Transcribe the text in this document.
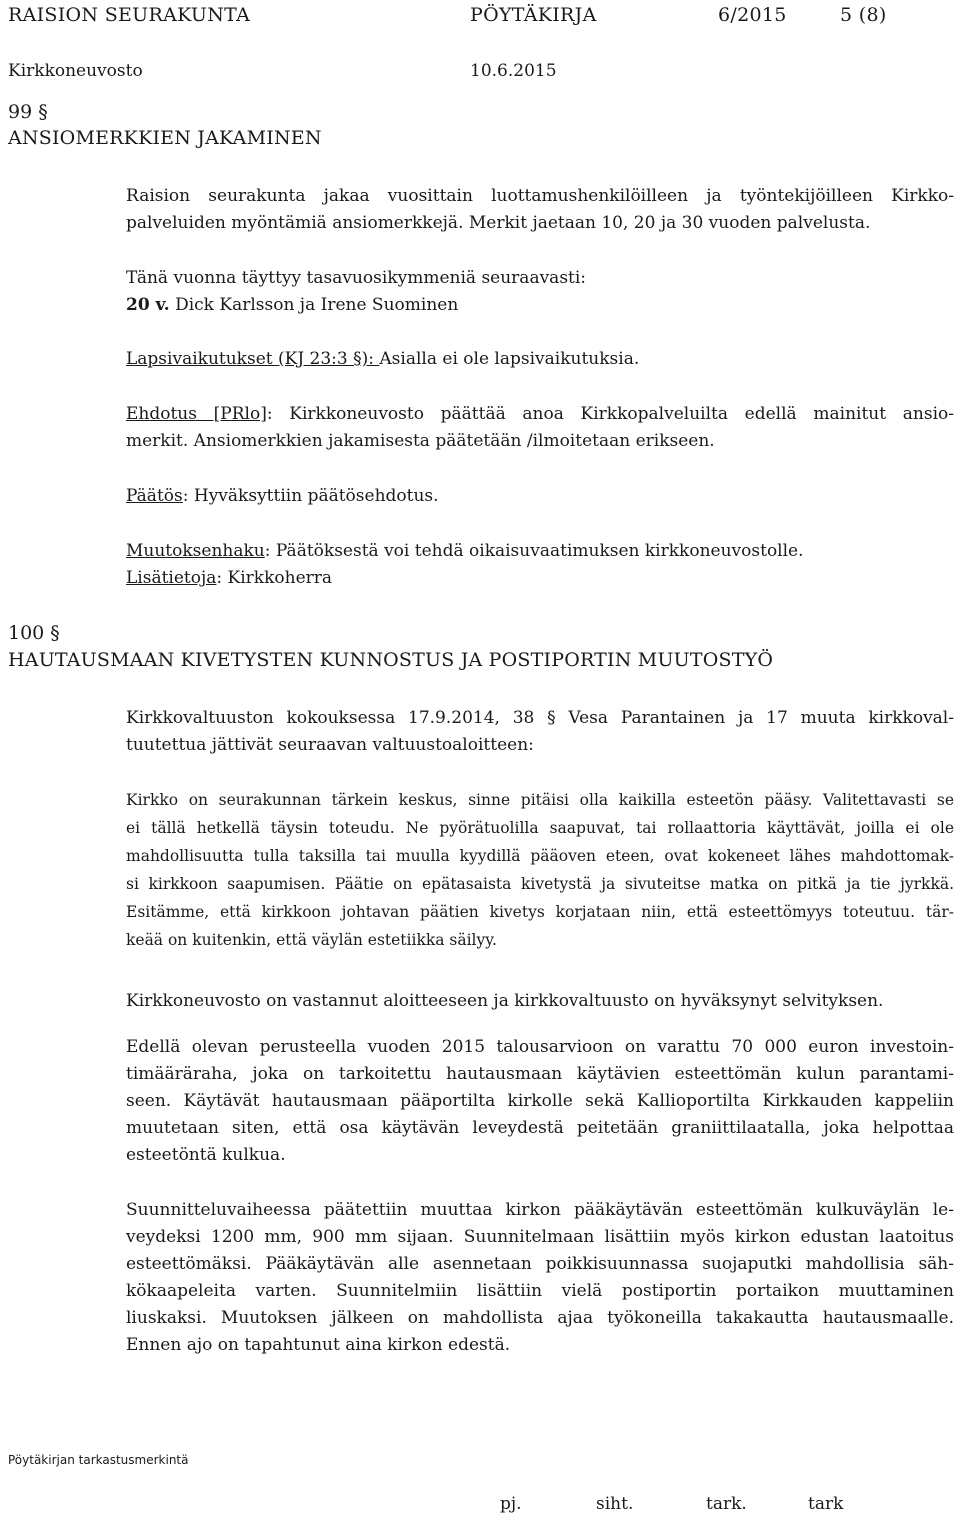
RAISION SEURAKUNTA	PÖYTÄKIRJA	6/2015	5 (8)
Kirkkoneuvosto	10.6.2015
99 §
ANSIOMERKKIEN JAKAMINEN
Raision seurakunta jakaa vuosittain luottamushenkilöilleen ja työntekijöilleen Kirkko-
palveluiden myöntämiä ansiomerkkejä. Merkit jaetaan 10, 20 ja 30 vuoden palvelusta.
Tänä vuonna täyttyy tasavuosikymmeniä seuraavasti:
20 v. Dick Karlsson ja Irene Suominen
Lapsivaikutukset (KJ 23:3 §): Asialla ei ole lapsivaikutuksia.
Ehdotus [PRlo]: Kirkkoneuvosto päättää anoa Kirkkopalveluilta edellä mainitut ansio-
merkit. Ansiomerkkien jakamisesta päätetään /ilmoitetaan erikseen.
Päätös: Hyväksyttiin päätösehdotus.
Muutoksenhaku: Päätöksestä voi tehdä oikaisuvaatimuksen kirkkoneuvostolle.
Lisätietoja: Kirkkoherra
100 §
HAUTAUSMAAN KIVETYSTEN KUNNOSTUS JA POSTIPORTIN MUUTOSTYÖ
Kirkkovaltuuston kokouksessa 17.9.2014, 38 § Vesa Parantainen ja 17 muuta kirkkoval-
tuutettua jättivät seuraavan valtuustoaloitteen:
Kirkko on seurakunnan tärkein keskus, sinne pitäisi olla kaikilla esteetön pääsy. Valitettavasti se
ei tällä hetkellä täysin toteudu. Ne pyörätuolilla saapuvat, tai rollaattoria käyttävät, joilla ei ole
mahdollisuutta tulla taksilla tai muulla kyydillä pääoven eteen, ovat kokeneet lähes mahdottomak-
si kirkkoon saapumisen. Päätie on epätasaista kivetystä ja sivuteitse matka on pitkä ja tie jyrkkä.
Esitämme, että kirkkoon johtavan päätien kivetys korjataan niin, että esteettömyys toteutuu. tär-
keää on kuitenkin, että väylän estetiikka säilyy.
Kirkkoneuvosto on vastannut aloitteeseen ja kirkkovaltuusto on hyväksynyt selvityksen.
Edellä olevan perusteella vuoden 2015 talousarvioon on varattu 70 000 euron investoin-
timääräraha, joka on tarkoitettu hautausmaan käytävien esteettömän kulun parantami-
seen. Käytävät hautausmaan pääportilta kirkolle sekä Kallioportilta Kirkkauden kappeliin
muutetaan siten, että osa käytävän leveydestä peitetään graniittilaatalla, joka helpottaa
esteetöntä kulkua.
Suunnitteluvaiheessa päätettiin muuttaa kirkon pääkäytävän esteettömän kulkuväylän le-
veydeksi 1200 mm, 900 mm sijaan. Suunnitelmaan lisättiin myös kirkon edustan laatoitus
esteettömäksi. Pääkäytävän alle asennetaan poikkisuunnassa suojaputki mahdollisia säh-
kökaapeleita varten. Suunnitelmiin lisättiin vielä postiportin portaikon muuttaminen
liuskaksi. Muutoksen jälkeen on mahdollista ajaa työkoneilla takakautta hautausmaalle.
Ennen ajo on tapahtunut aina kirkon edestä.
Pöytäkirjan tarkastusmerkintä
pj.	siht.	tark.	tark
